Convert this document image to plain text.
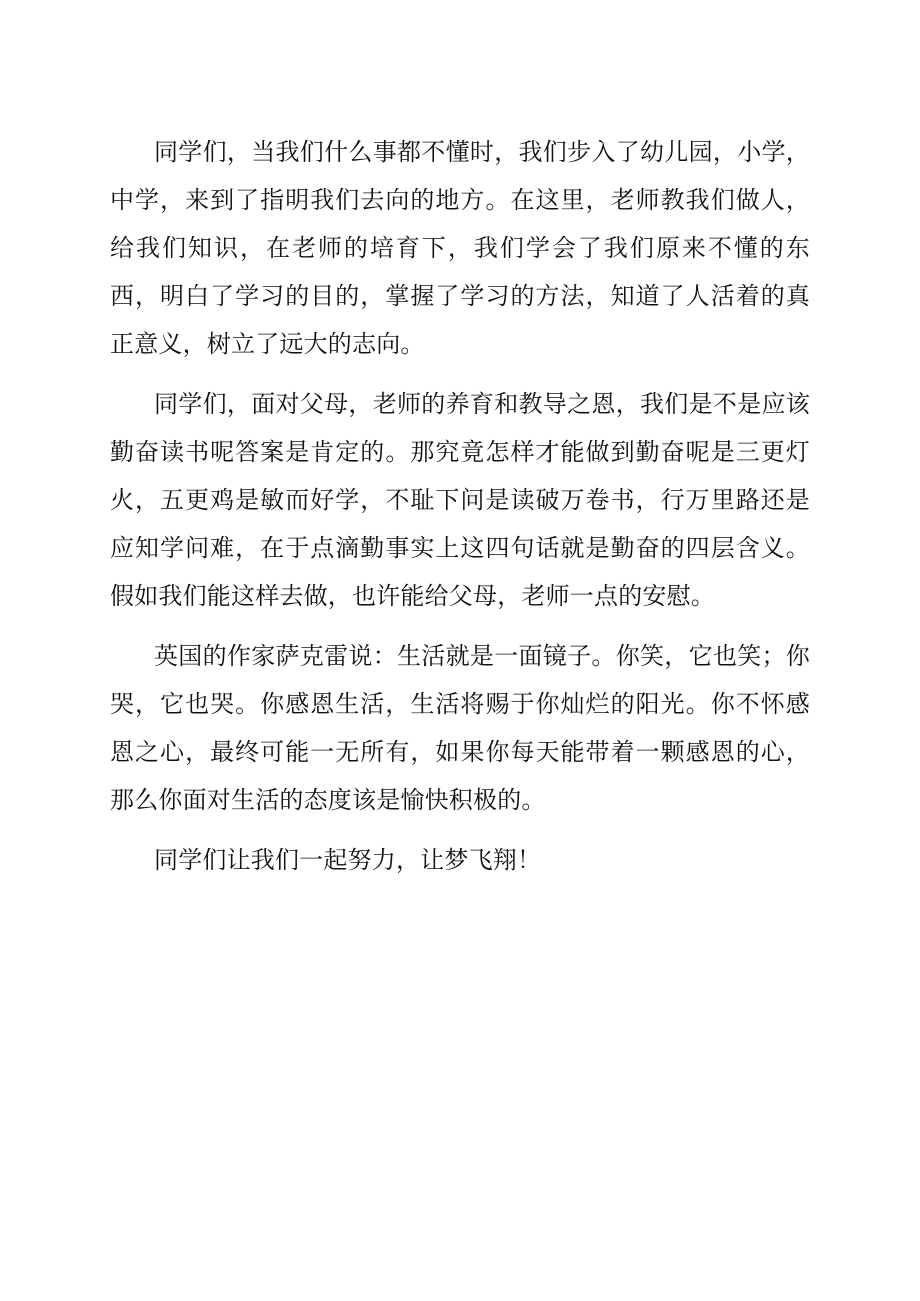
同学们，当我们什么事都不懂时，我们步入了幼儿园，小学，中学，来到了指明我们去向的地方。在这里，老师教我们做人，给我们知识，在老师的培育下，我们学会了我们原来不懂的东西，明白了学习的目的，掌握了学习的方法，知道了人活着的真正意义，树立了远大的志向。

同学们，面对父母，老师的养育和教导之恩，我们是不是应该勤奋读书呢答案是肯定的。那究竟怎样才能做到勤奋呢是三更灯火，五更鸡是敏而好学，不耻下问是读破万卷书，行万里路还是应知学问难，在于点滴勤事实上这四句话就是勤奋的四层含义。假如我们能这样去做，也许能给父母，老师一点的安慰。

英国的作家萨克雷说：生活就是一面镜子。你笑，它也笑；你哭，它也哭。你感恩生活，生活将赐于你灿烂的阳光。你不怀感恩之心，最终可能一无所有，如果你每天能带着一颗感恩的心，那么你面对生活的态度该是愉快积极的。

同学们让我们一起努力，让梦飞翔！
